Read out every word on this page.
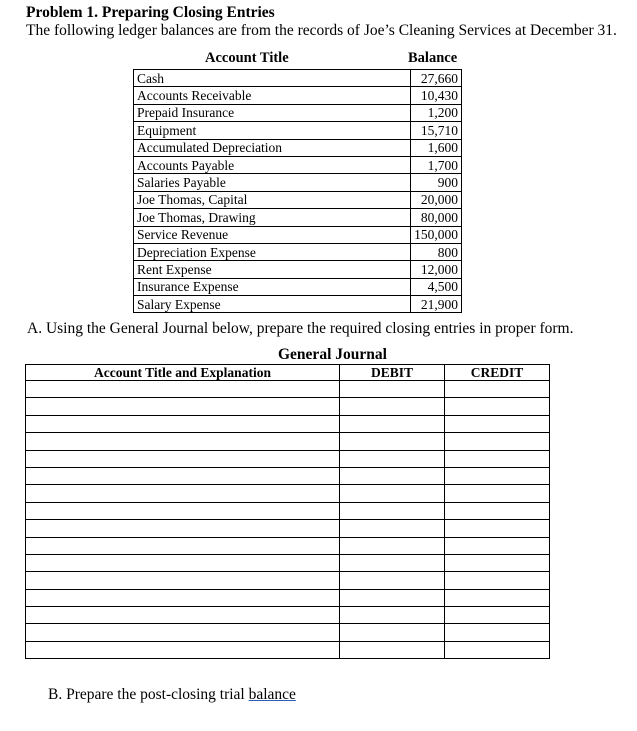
Problem 1. Preparing Closing Entries
The following ledger balances are from the records of Joe’s Cleaning Services at December 31.
Account Title	Balance
Cash	27,660
Accounts Receivable	10,430
Prepaid Insurance	1,200
Equipment	15,710
Accumulated Depreciation	1,600
Accounts Payable	1,700
Salaries Payable	900
Joe Thomas, Capital	20,000
Joe Thomas, Drawing	80,000
Service Revenue	150,000
Depreciation Expense	800
Rent Expense	12,000
Insurance Expense	4,500
Salary Expense	21,900
A. Using the General Journal below, prepare the required closing entries in proper form.
General Journal
Account Title and Explanation	DEBIT	CREDIT

B. Prepare the post-closing trial balance
